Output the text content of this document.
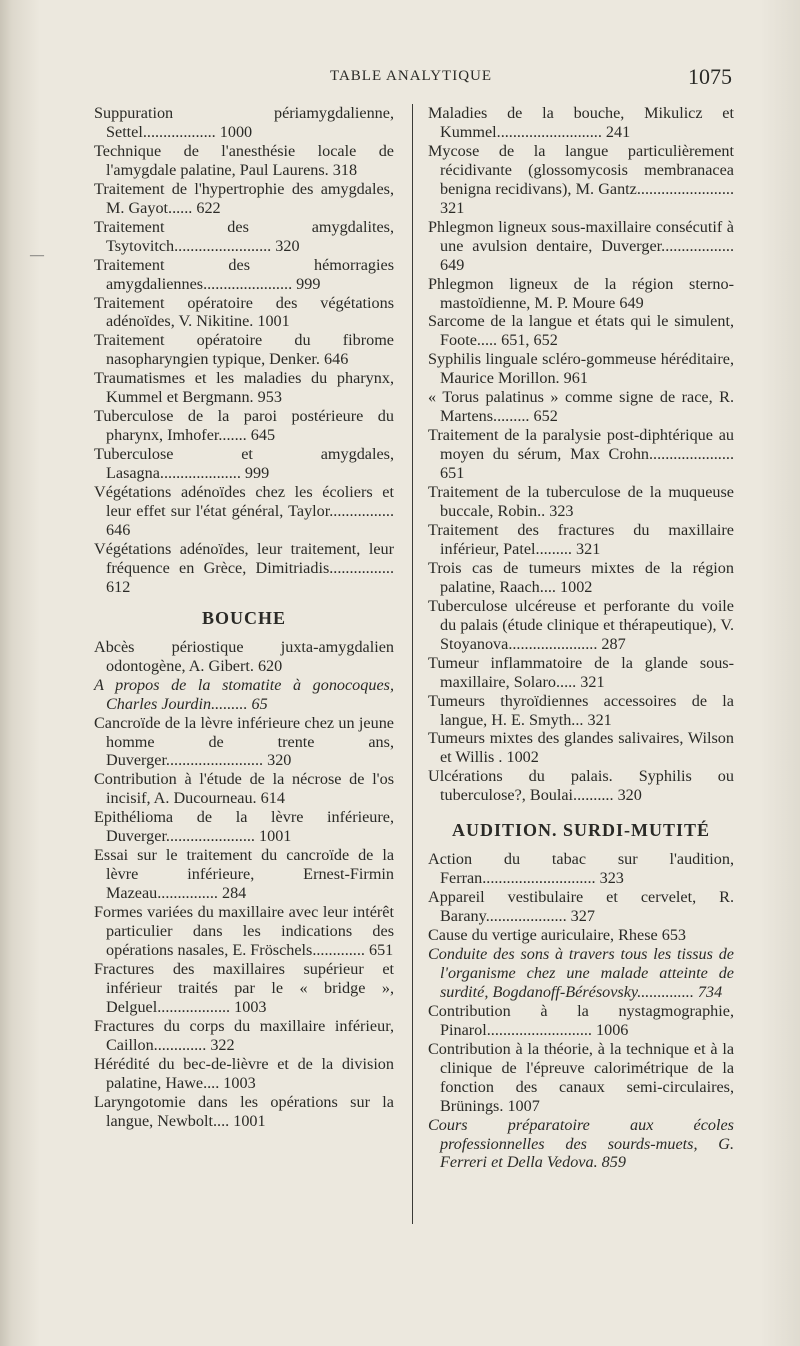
TABLE ANALYTIQUE	1075
—
Suppuration périamygdalienne, Settel.................. 1000
Technique de l'anesthésie locale de l'amygdale palatine, Paul Laurens. 318
Traitement de l'hypertrophie des amygdales, M. Gayot...... 622
Traitement des amygdalites, Tsytovitch........................ 320
Traitement des hémorragies amygdaliennes...................... 999
Traitement opératoire des végétations adénoïdes, V. Nikitine. 1001
Traitement opératoire du fibrome nasopharyngien typique, Denker. 646
Traumatismes et les maladies du pharynx, Kummel et Bergmann. 953
Tuberculose de la paroi postérieure du pharynx, Imhofer....... 645
Tuberculose et amygdales, Lasagna.................... 999
Végétations adénoïdes chez les écoliers et leur effet sur l'état général, Taylor................ 646
Végétations adénoïdes, leur traitement, leur fréquence en Grèce, Dimitriadis................ 612
BOUCHE
Abcès périostique juxta-amygdalien odontogène, A. Gibert. 620
A propos de la stomatite à gonocoques, Charles Jourdin......... 65
Cancroïde de la lèvre inférieure chez un jeune homme de trente ans, Duverger........................ 320
Contribution à l'étude de la nécrose de l'os incisif, A. Ducourneau. 614
Epithélioma de la lèvre inférieure, Duverger...................... 1001
Essai sur le traitement du cancroïde de la lèvre inférieure, Ernest-Firmin Mazeau............... 284
Formes variées du maxillaire avec leur intérêt particulier dans les indications des opérations nasales, E. Fröschels............. 651
Fractures des maxillaires supérieur et inférieur traités par le « bridge », Delguel.................. 1003
Fractures du corps du maxillaire inférieur, Caillon............. 322
Hérédité du bec-de-lièvre et de la division palatine, Hawe.... 1003
Laryngotomie dans les opérations sur la langue, Newbolt.... 1001
Maladies de la bouche, Mikulicz et Kummel.......................... 241
Mycose de la langue particulièrement récidivante (glossomycosis membranacea benigna recidivans), M. Gantz........................ 321
Phlegmon ligneux sous-maxillaire consécutif à une avulsion dentaire, Duverger.................. 649
Phlegmon ligneux de la région sterno-mastoïdienne, M. P. Moure 649
Sarcome de la langue et états qui le simulent, Foote..... 651, 652
Syphilis linguale scléro-gommeuse héréditaire, Maurice Morillon. 961
« Torus palatinus » comme signe de race, R. Martens......... 652
Traitement de la paralysie post-diphtérique au moyen du sérum, Max Crohn..................... 651
Traitement de la tuberculose de la muqueuse buccale, Robin.. 323
Traitement des fractures du maxillaire inférieur, Patel......... 321
Trois cas de tumeurs mixtes de la région palatine, Raach.... 1002
Tuberculose ulcéreuse et perforante du voile du palais (étude clinique et thérapeutique), V. Stoyanova...................... 287
Tumeur inflammatoire de la glande sous-maxillaire, Solaro..... 321
Tumeurs thyroïdiennes accessoires de la langue, H. E. Smyth... 321
Tumeurs mixtes des glandes salivaires, Wilson et Willis . 1002
Ulcérations du palais. Syphilis ou tuberculose?, Boulai.......... 320
AUDITION. SURDI-MUTITÉ
Action du tabac sur l'audition, Ferran............................ 323
Appareil vestibulaire et cervelet, R. Barany.................... 327
Cause du vertige auriculaire, Rhese 653
Conduite des sons à travers tous les tissus de l'organisme chez une malade atteinte de surdité, Bogdanoff-Bérésovsky.............. 734
Contribution à la nystagmographie, Pinarol.......................... 1006
Contribution à la théorie, à la technique et à la clinique de l'épreuve calorimétrique de la fonction des canaux semi-circulaires, Brünings. 1007
Cours préparatoire aux écoles professionnelles des sourds-muets, G. Ferreri et Della Vedova. 859
